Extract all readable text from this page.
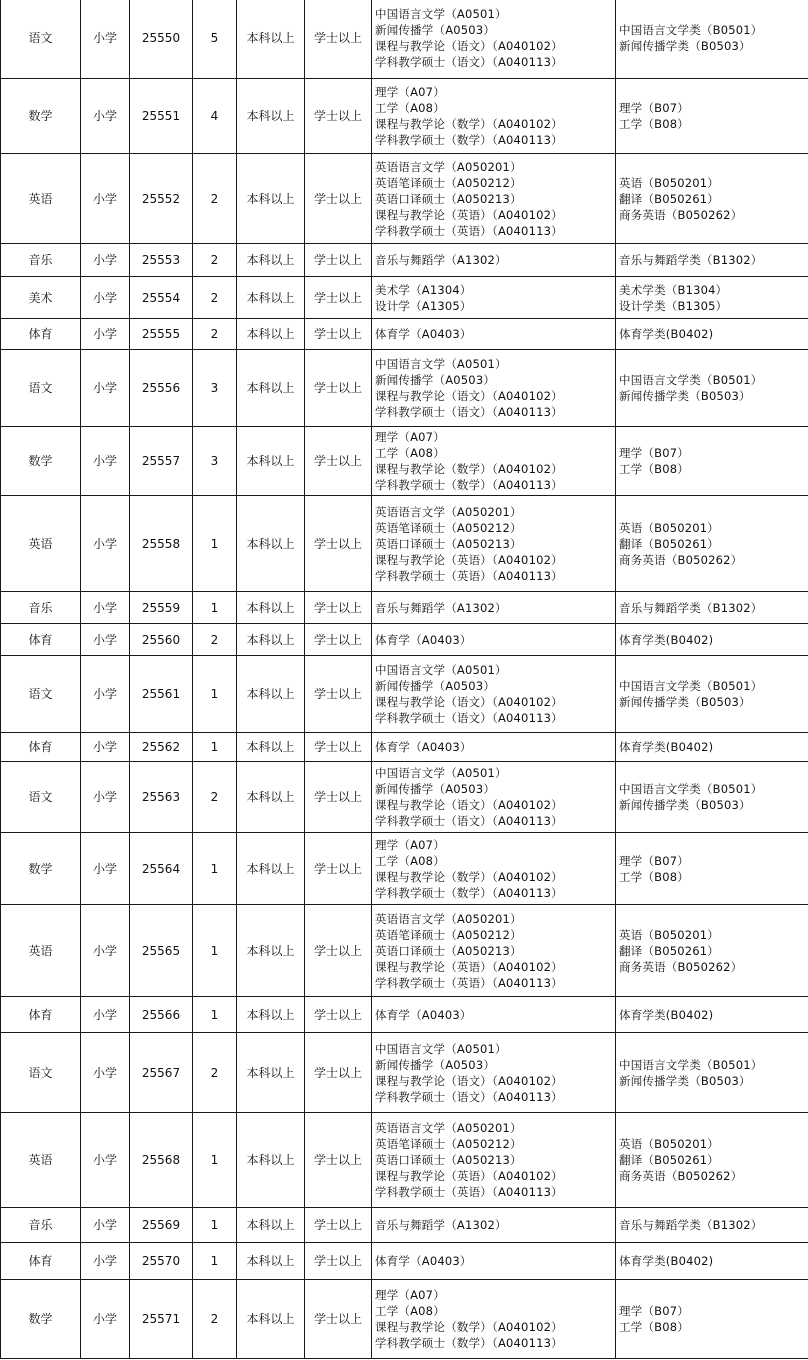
语文	小学	25550	5	本科以上	学士以上	中国语言文学（A0501）
新闻传播学（A0503）
课程与教学论（语文）（A040102）
学科教学硕士（语文）（A040113）	中国语言文学类（B0501）
新闻传播学类（B0503）

数学	小学	25551	4	本科以上	学士以上	理学（A07）
工学（A08）
课程与教学论（数学）（A040102）
学科教学硕士（数学）（A040113）	理学（B07）
工学（B08）

英语	小学	25552	2	本科以上	学士以上	英语语言文学（A050201）
英语笔译硕士（A050212）
英语口译硕士（A050213）
课程与教学论（英语）（A040102）
学科教学硕士（英语）（A040113）	英语（B050201）
翻译（B050261）
商务英语（B050262）

音乐	小学	25553	2	本科以上	学士以上	音乐与舞蹈学（A1302）	音乐与舞蹈学类（B1302）

美术	小学	25554	2	本科以上	学士以上	美术学（A1304）
设计学（A1305）	美术学类（B1304）
设计学类（B1305）

体育	小学	25555	2	本科以上	学士以上	体育学（A0403）	体育学类(B0402)

语文	小学	25556	3	本科以上	学士以上	中国语言文学（A0501）
新闻传播学（A0503）
课程与教学论（语文）（A040102）
学科教学硕士（语文）（A040113）	中国语言文学类（B0501）
新闻传播学类（B0503）

数学	小学	25557	3	本科以上	学士以上	理学（A07）
工学（A08）
课程与教学论（数学）（A040102）
学科教学硕士（数学）（A040113）	理学（B07）
工学（B08）

英语	小学	25558	1	本科以上	学士以上	英语语言文学（A050201）
英语笔译硕士（A050212）
英语口译硕士（A050213）
课程与教学论（英语）（A040102）
学科教学硕士（英语）（A040113）	英语（B050201）
翻译（B050261）
商务英语（B050262）

音乐	小学	25559	1	本科以上	学士以上	音乐与舞蹈学（A1302）	音乐与舞蹈学类（B1302）

体育	小学	25560	2	本科以上	学士以上	体育学（A0403）	体育学类(B0402)

语文	小学	25561	1	本科以上	学士以上	中国语言文学（A0501）
新闻传播学（A0503）
课程与教学论（语文）（A040102）
学科教学硕士（语文）（A040113）	中国语言文学类（B0501）
新闻传播学类（B0503）

体育	小学	25562	1	本科以上	学士以上	体育学（A0403）	体育学类(B0402)

语文	小学	25563	2	本科以上	学士以上	中国语言文学（A0501）
新闻传播学（A0503）
课程与教学论（语文）（A040102）
学科教学硕士（语文）（A040113）	中国语言文学类（B0501）
新闻传播学类（B0503）

数学	小学	25564	1	本科以上	学士以上	理学（A07）
工学（A08）
课程与教学论（数学）（A040102）
学科教学硕士（数学）（A040113）	理学（B07）
工学（B08）

英语	小学	25565	1	本科以上	学士以上	英语语言文学（A050201）
英语笔译硕士（A050212）
英语口译硕士（A050213）
课程与教学论（英语）（A040102）
学科教学硕士（英语）（A040113）	英语（B050201）
翻译（B050261）
商务英语（B050262）

体育	小学	25566	1	本科以上	学士以上	体育学（A0403）	体育学类(B0402)

语文	小学	25567	2	本科以上	学士以上	中国语言文学（A0501）
新闻传播学（A0503）
课程与教学论（语文）（A040102）
学科教学硕士（语文）（A040113）	中国语言文学类（B0501）
新闻传播学类（B0503）

英语	小学	25568	1	本科以上	学士以上	英语语言文学（A050201）
英语笔译硕士（A050212）
英语口译硕士（A050213）
课程与教学论（英语）（A040102）
学科教学硕士（英语）（A040113）	英语（B050201）
翻译（B050261）
商务英语（B050262）

音乐	小学	25569	1	本科以上	学士以上	音乐与舞蹈学（A1302）	音乐与舞蹈学类（B1302）

体育	小学	25570	1	本科以上	学士以上	体育学（A0403）	体育学类(B0402)

数学	小学	25571	2	本科以上	学士以上	理学（A07）
工学（A08）
课程与教学论（数学）（A040102）
学科教学硕士（数学）（A040113）	理学（B07）
工学（B08）
